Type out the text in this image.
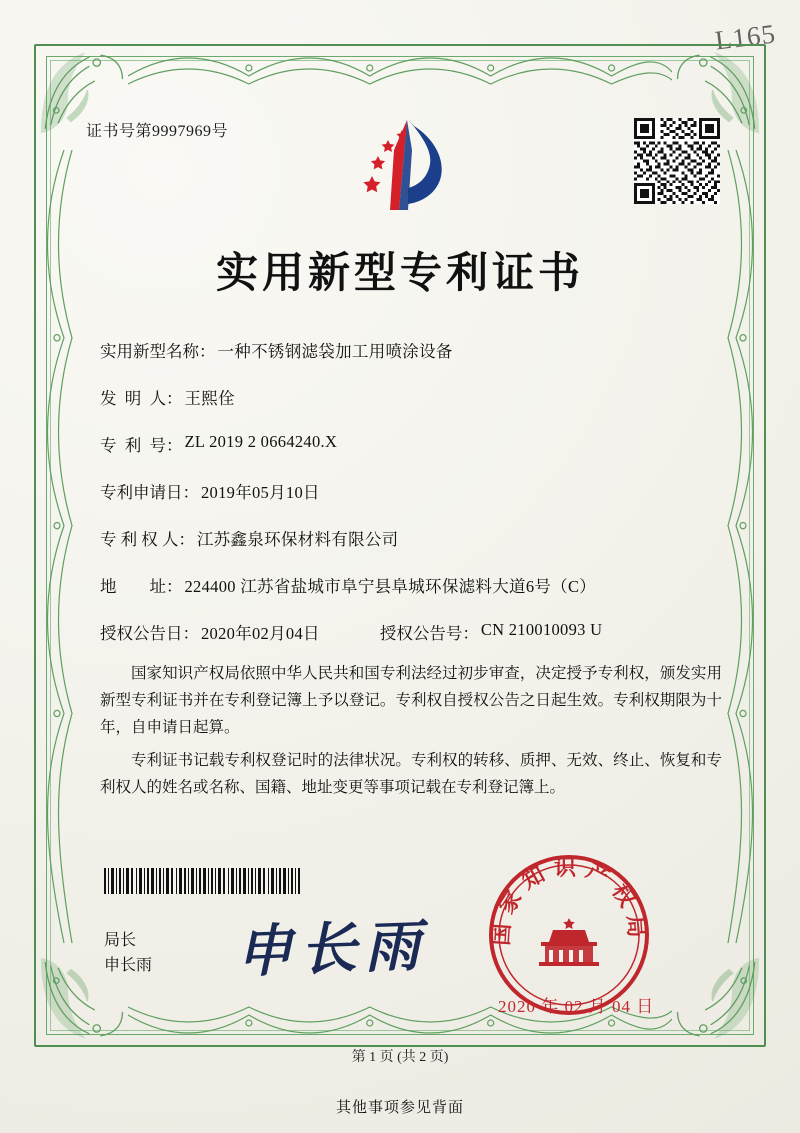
L165
证书号第9997969号
实用新型专利证书
实用新型名称： 一种不锈钢滤袋加工用喷涂设备
发  明  人： 王熙佺
专  利  号： ZL 2019 2 0664240.X
专利申请日： 2019年05月10日
专 利 权 人： 江苏鑫泉环保材料有限公司
地        址： 224400 江苏省盐城市阜宁县阜城环保滤料大道6号（C）
授权公告日： 2020年02月04日	授权公告号： CN 210010093 U

国家知识产权局依照中华人民共和国专利法经过初步审查，决定授予专利权，颁发实用新型专利证书并在专利登记簿上予以登记。专利权自授权公告之日起生效。专利权期限为十年，自申请日起算。

专利证书记载专利权登记时的法律状况。专利权的转移、质押、无效、终止、恢复和专利权人的姓名或名称、国籍、地址变更等事项记载在专利登记簿上。

申长雨
局长
申长雨
国家知识产权局
2020 年 02 月 04 日
第 1 页 (共 2 页)
其他事项参见背面
